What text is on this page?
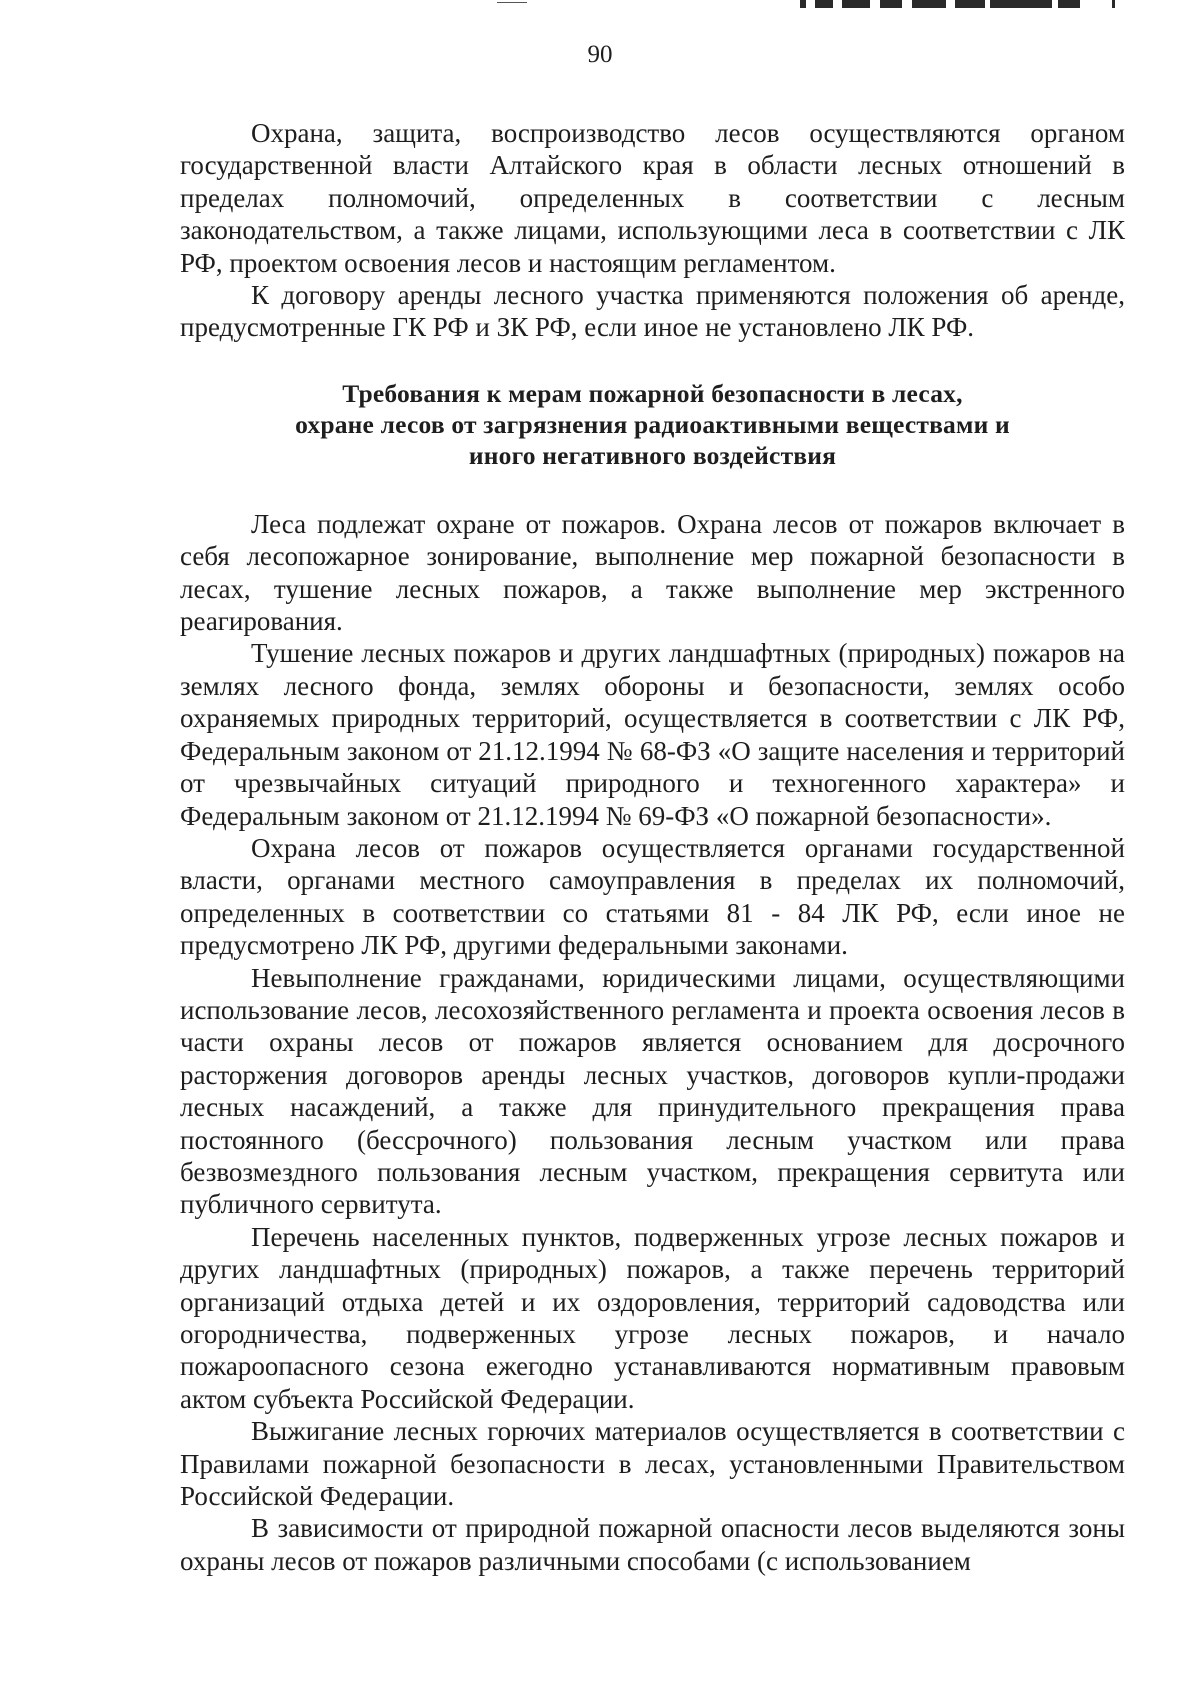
90

Охрана, защита, воспроизводство лесов осуществляются органом государственной власти Алтайского края в области лесных отношений в пределах полномочий, определенных в соответствии с лесным законодательством, а также лицами, использующими леса в соответствии с ЛК РФ, проектом освоения лесов и настоящим регламентом.

К договору аренды лесного участка применяются положения об аренде, предусмотренные ГК РФ и ЗК РФ, если иное не установлено ЛК РФ.

Требования к мерам пожарной безопасности в лесах,
охране лесов от загрязнения радиоактивными веществами и
иного негативного воздействия

Леса подлежат охране от пожаров. Охрана лесов от пожаров включает в себя лесопожарное зонирование, выполнение мер пожарной безопасности в лесах, тушение лесных пожаров, а также выполнение мер экстренного реагирования.

Тушение лесных пожаров и других ландшафтных (природных) пожаров на землях лесного фонда, землях обороны и безопасности, землях особо охраняемых природных территорий, осуществляется в соответствии с ЛК РФ, Федеральным законом от 21.12.1994 № 68-ФЗ «О защите населения и территорий от чрезвычайных ситуаций природного и техногенного характера» и Федеральным законом от 21.12.1994 № 69-ФЗ «О пожарной безопасности».

Охрана лесов от пожаров осуществляется органами государственной власти, органами местного самоуправления в пределах их полномочий, определенных в соответствии со статьями 81 - 84 ЛК РФ, если иное не предусмотрено ЛК РФ, другими федеральными законами.

Невыполнение гражданами, юридическими лицами, осуществляющими использование лесов, лесохозяйственного регламента и проекта освоения лесов в части охраны лесов от пожаров является основанием для досрочного расторжения договоров аренды лесных участков, договоров купли-продажи лесных насаждений, а также для принудительного прекращения права постоянного (бессрочного) пользования лесным участком или права безвозмездного пользования лесным участком, прекращения сервитута или публичного сервитута.

Перечень населенных пунктов, подверженных угрозе лесных пожаров и других ландшафтных (природных) пожаров, а также перечень территорий организаций отдыха детей и их оздоровления, территорий садоводства или огородничества, подверженных угрозе лесных пожаров, и начало пожароопасного сезона ежегодно устанавливаются нормативным правовым актом субъекта Российской Федерации.

Выжигание лесных горючих материалов осуществляется в соответствии с Правилами пожарной безопасности в лесах, установленными Правительством Российской Федерации.

В зависимости от природной пожарной опасности лесов выделяются зоны охраны лесов от пожаров различными способами (с использованием
